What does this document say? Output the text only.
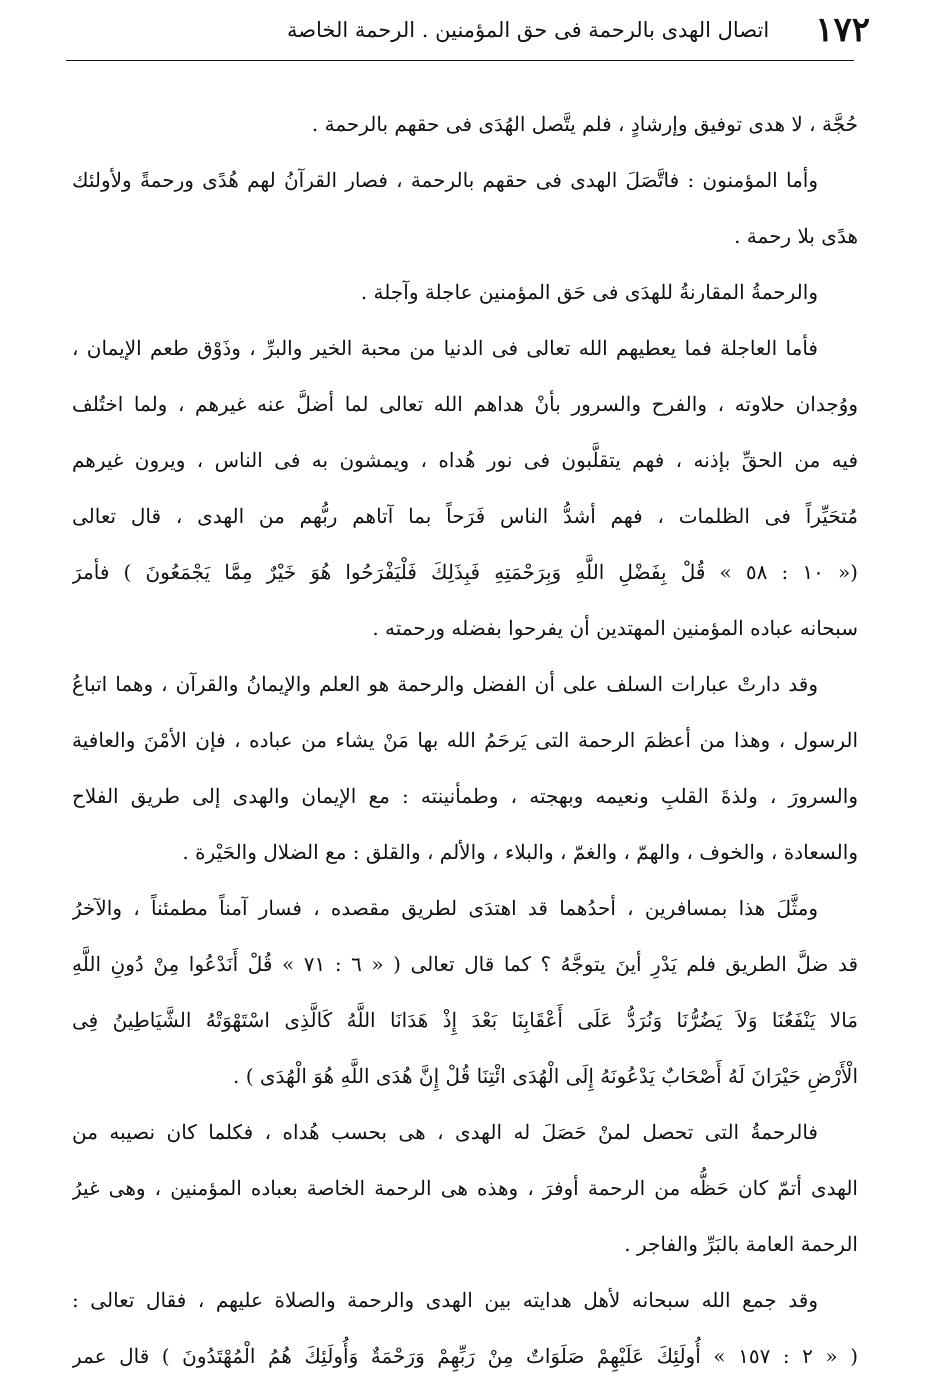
١٧٢
اتصال الهدى بالرحمة فى حق المؤمنين . الرحمة الخاصة
حُجَّة ، لا هدى توفيق وإرشادٍ ، فلم يتَّصل الهُدَى فى حقهم بالرحمة .
وأما المؤمنون : فاتَّصَلَ الهدى فى حقهم بالرحمة ، فصار القرآنُ لهم هُدًى ورحمةً ولأولئك
هدًى بلا رحمة .
والرحمةُ المقارنةُ للهدَى فى حَق المؤمنين عاجلة وآجلة .
فأما العاجلة فما يعطيهم الله تعالى فى الدنيا من محبة الخير والبرِّ ، وذَوْق طعم الإيمان ،
ووُجدان حلاوته ، والفرح والسرور بأنْ هداهم الله تعالى لما أضلَّ عنه غيرهم ، ولما اختُلف
فيه من الحقِّ بإذنه ، فهم يتقلَّبون فى نور هُداه ، ويمشون به فى الناس ، ويرون غيرهم
مُتحَيِّراً فى الظلمات ، فهم أشدُّ الناس فَرَحاً بما آتاهم ربُّهم من الهدى ، قال تعالى
(« ١٠ : ٥٨ » قُلْ بِفَضْلِ اللَّهِ وَبِرَحْمَتِهِ فَبِذَلِكَ فَلْيَفْرَحُوا هُوَ خَيْرٌ مِمَّا يَجْمَعُونَ ) فأمرَ
سبحانه عباده المؤمنين المهتدين أن يفرحوا بفضله ورحمته .
وقد دارتْ عبارات السلف على أن الفضل والرحمة هو العلم والإيمانُ والقرآن ، وهما اتباعُ
الرسول ، وهذا من أعظمَ الرحمة التى يَرحَمُ الله بها مَنْ يشاء من عباده ، فإن الأمْنَ والعافية
والسرورَ ، ولذةَ القلبِ ونعيمه وبهجته ، وطمأنينته : مع الإيمان والهدى إلى طريق الفلاح
والسعادة ، والخوف ، والهمّ ، والغمّ ، والبلاء ، والألم ، والقلق : مع الضلال والحَيْرة .
ومثَّلَ هذا بمسافرين ، أحدُهما قد اهتدَى لطريق مقصده ، فسار آمناً مطمئناً ، والآخرُ
قد ضلَّ الطريق فلم يَدْرِ أينَ يتوجَّهُ ؟ كما قال تعالى ( « ٦ : ٧١ » قُلْ أَنَدْعُوا مِنْ دُونِ اللَّهِ
مَالا يَنْفَعُنَا وَلاَ يَضُرُّنَا وَنُرَدُّ عَلَى أَعْقَابِنَا بَعْدَ إِذْ هَدَانَا اللَّهُ كَالَّذِى اسْتَهْوَتْهُ الشَّيَاطِينُ فِى
الْأَرْضِ حَيْرَانَ لَهُ أَصْحَابٌ يَدْعُونَهُ إِلَى الْهُدَى ائْتِنَا قُلْ إِنَّ هُدَى اللَّهِ هُوَ الْهُدَى ) .
فالرحمةُ التى تحصل لمنْ حَصَلَ له الهدى ، هى بحسب هُداه ، فكلما كان نصيبه من
الهدى أتمّ كان حَظُّه من الرحمة أوفرَ ، وهذه هى الرحمة الخاصة بعباده المؤمنين ، وهى غيرُ
الرحمة العامة بالبَرِّ والفاجر .
وقد جمع الله سبحانه لأهل هدايته بين الهدى والرحمة والصلاة عليهم ، فقال تعالى :
( « ٢ : ١٥٧ » أُولَئِكَ عَلَيْهِمْ صَلَوَاتٌ مِنْ رَبِّهِمْ وَرَحْمَةٌ وَأُولَئِكَ هُمُ الْمُهْتَدُونَ ) قال عمر
